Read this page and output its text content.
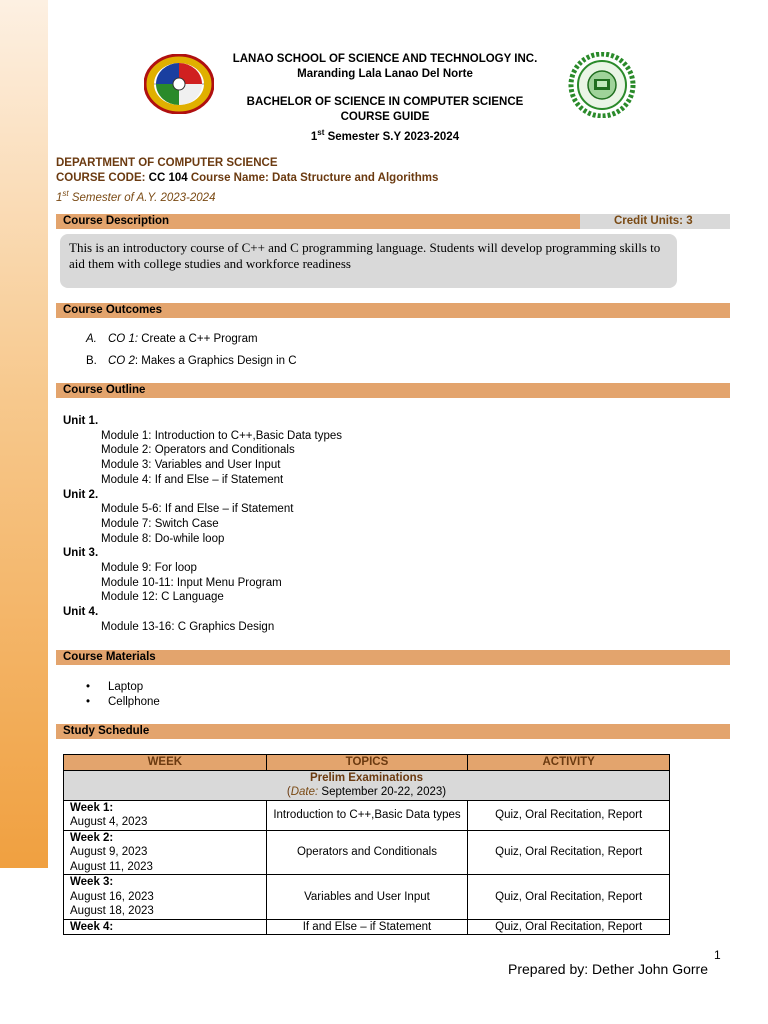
LANAO SCHOOL OF SCIENCE AND TECHNOLOGY INC.
Maranding Lala Lanao Del Norte
BACHELOR OF SCIENCE IN COMPUTER SCIENCE
COURSE GUIDE
1st Semester S.Y 2023-2024
DEPARTMENT OF COMPUTER SCIENCE
COURSE CODE: CC 104 Course Name: Data Structure and Algorithms
1st Semester of A.Y. 2023-2024
Course Description	Credit Units: 3
This is an introductory course of C++ and C programming language. Students will develop programming skills to aid them with college studies and workforce readiness
Course Outcomes
A. CO 1: Create a C++ Program
B. CO 2: Makes a Graphics Design in C
Course Outline
Unit 1.
Module 1: Introduction to C++,Basic Data types
Module 2: Operators and Conditionals
Module 3: Variables and User Input
Module 4: If and Else – if Statement
Unit 2.
Module 5-6: If and Else – if Statement
Module 7: Switch Case
Module 8: Do-while loop
Unit 3.
Module 9: For loop
Module 10-11: Input Menu Program
Module 12: C Language
Unit 4.
Module 13-16: C Graphics Design
Course Materials
• Laptop
• Cellphone
Study Schedule
WEEK	TOPICS	ACTIVITY
Prelim Examinations
(Date: September 20-22, 2023)		
Week 1:
August 4, 2023	Introduction to C++,Basic Data types	Quiz, Oral Recitation, Report
Week 2:
August 9, 2023
August 11, 2023	Operators and Conditionals	Quiz, Oral Recitation, Report
Week 3:
August 16, 2023
August 18, 2023	Variables and User Input	Quiz, Oral Recitation, Report
Week 4:	If and Else – if Statement	Quiz, Oral Recitation, Report
1
Prepared by: Dether John Gorre
